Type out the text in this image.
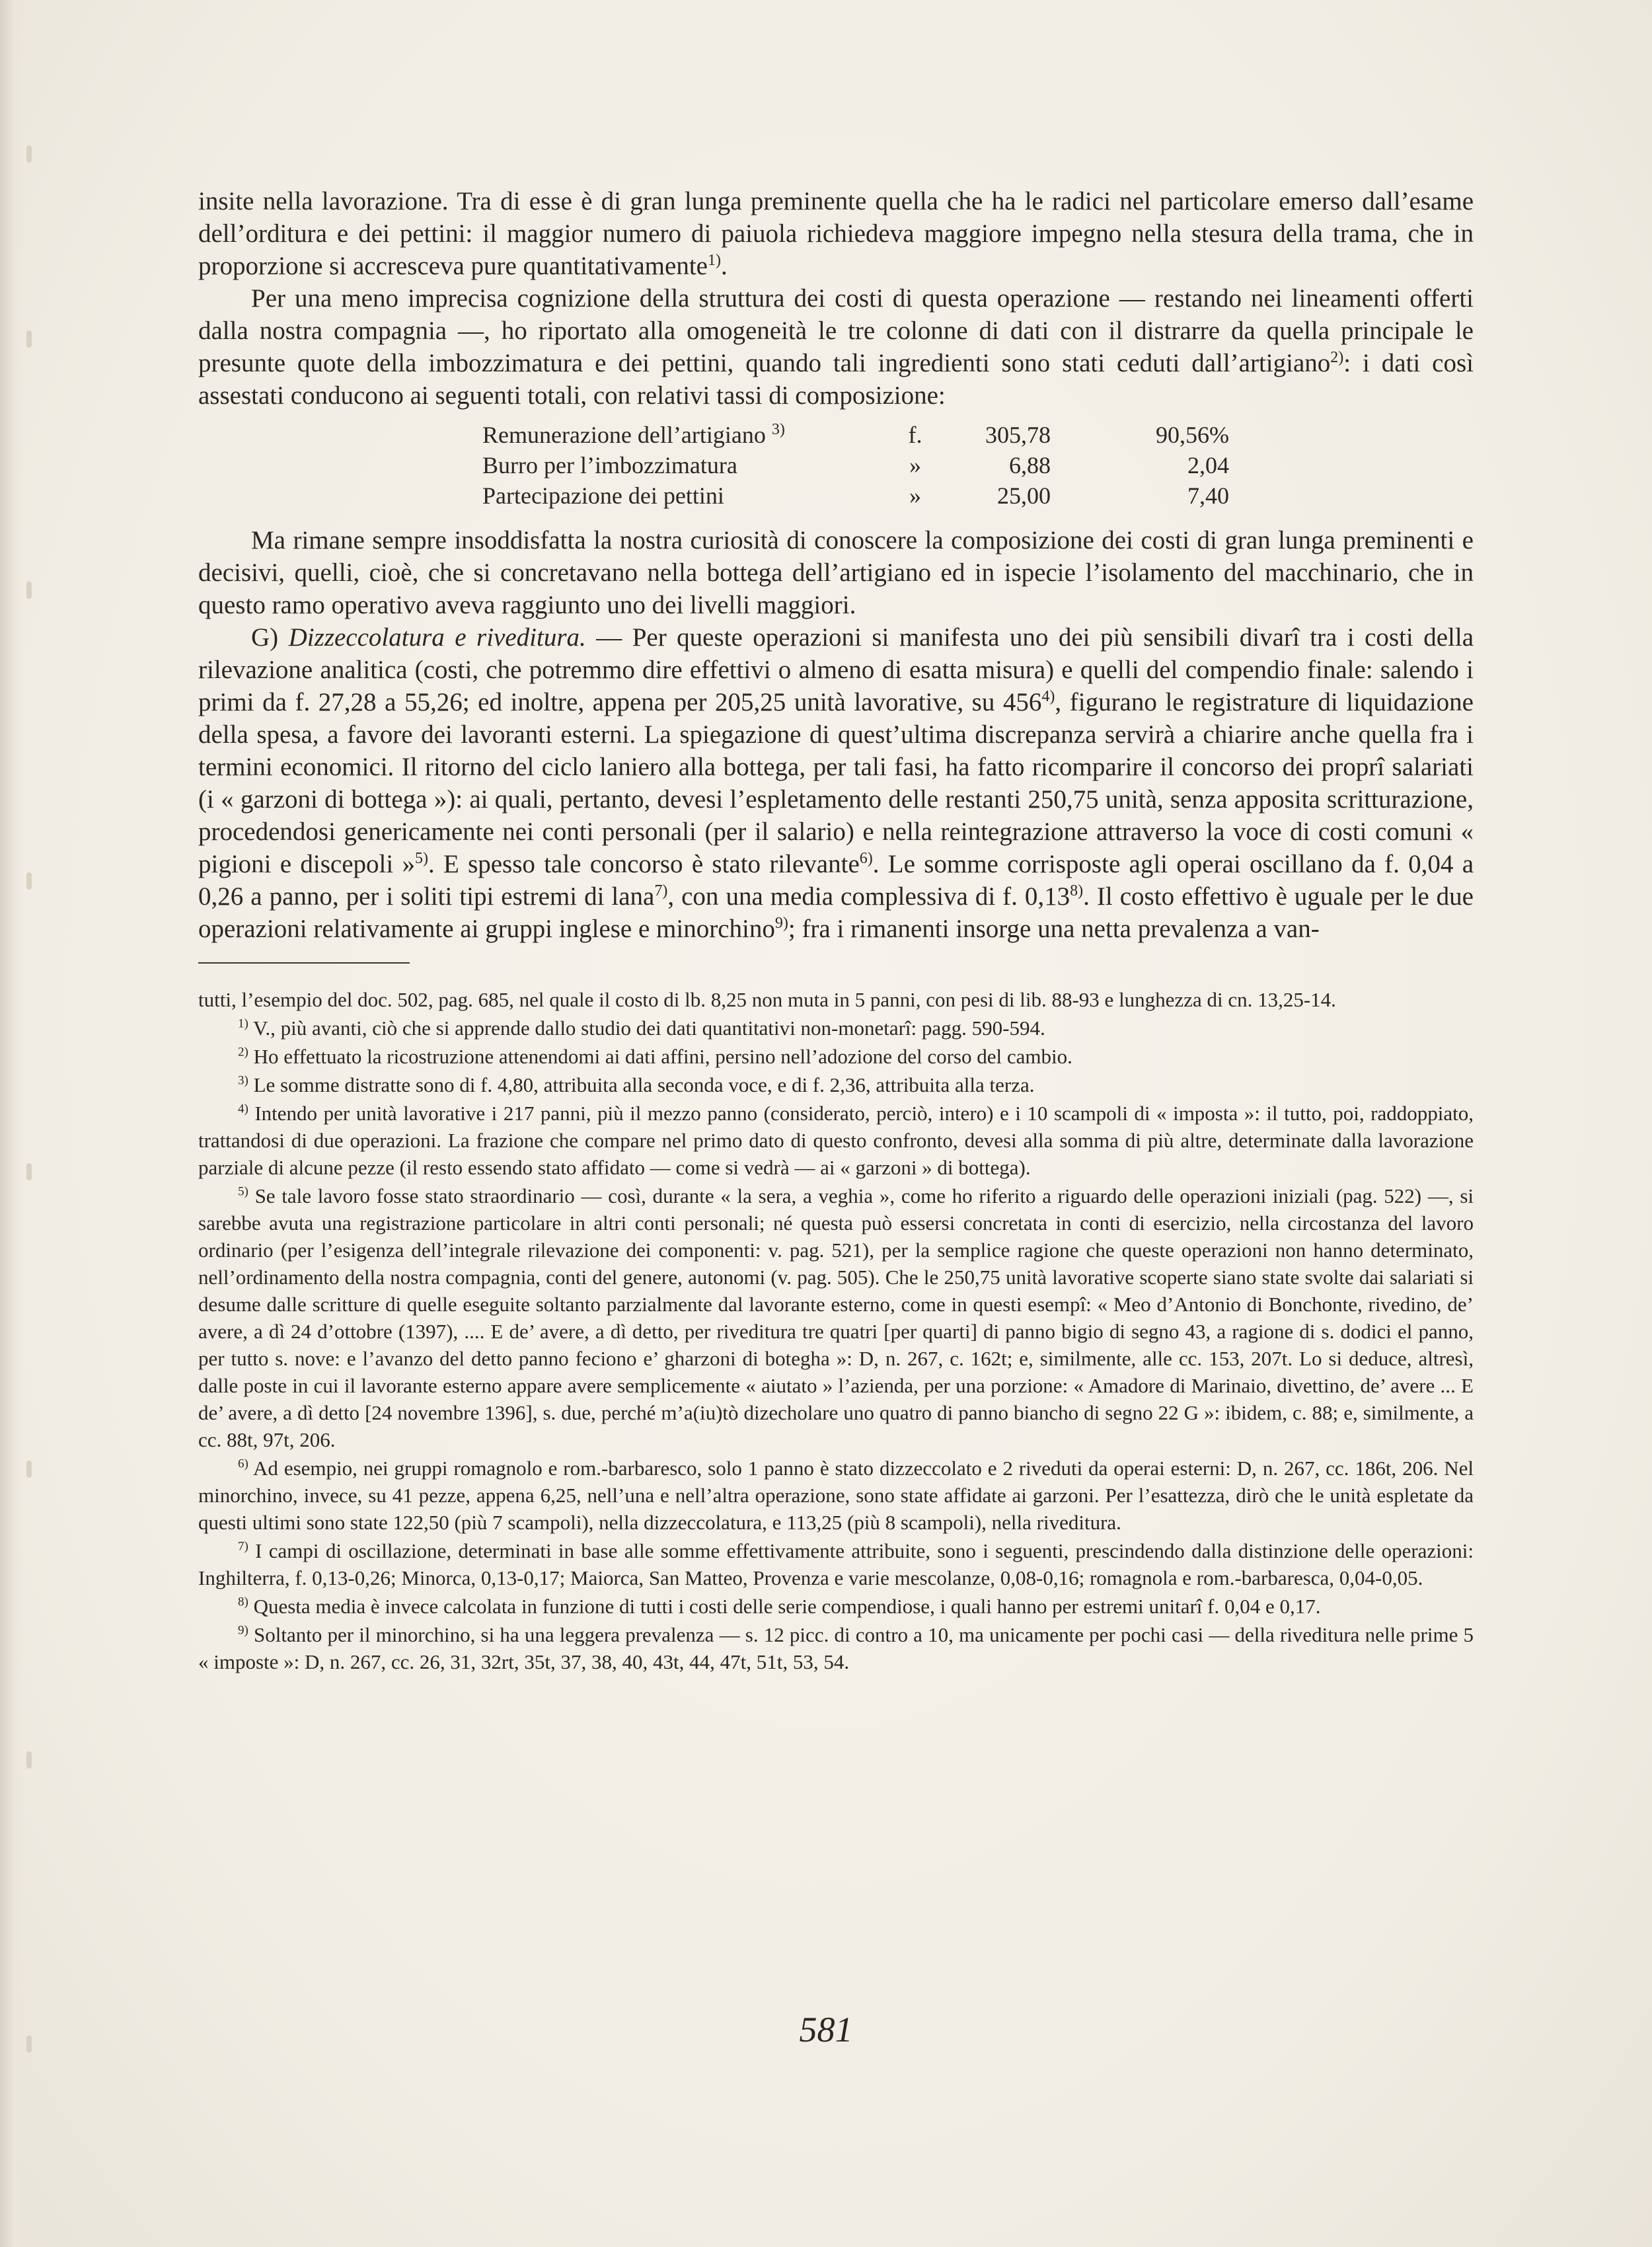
insite nella lavorazione. Tra di esse è di gran lunga preminente quella che ha le radici nel particolare emerso dall’esame dell’orditura e dei pettini: il maggior numero di paiuola richiedeva maggiore impegno nella stesura della trama, che in proporzione si accresceva pure quantitativamente$^{1)}$.

Per una meno imprecisa cognizione della struttura dei costi di questa operazione — restando nei lineamenti offerti dalla nostra compagnia —, ho riportato alla omogeneità le tre colonne di dati con il distrarre da quella principale le presunte quote della imbozzimatura e dei pettini, quando tali ingredienti sono stati ceduti dall’artigiano$^{2)}$: i dati così assestati conducono ai seguenti totali, con relativi tassi di composizione:

Remunerazione dell’artigiano $^{3)}$	f.	305,78	90,56%
Burro per l’imbozzimatura	»	6,88	2,04
Partecipazione dei pettini	»	25,00	7,40

Ma rimane sempre insoddisfatta la nostra curiosità di conoscere la composizione dei costi di gran lunga preminenti e decisivi, quelli, cioè, che si concretavano nella bottega dell’artigiano ed in ispecie l’isolamento del macchinario, che in questo ramo operativo aveva raggiunto uno dei livelli maggiori.

G) Dizzeccolatura e riveditura. — Per queste operazioni si manifesta uno dei più sensibili divarî tra i costi della rilevazione analitica (costi, che potremmo dire effettivi o almeno di esatta misura) e quelli del compendio finale: salendo i primi da f. 27,28 a 55,26; ed inoltre, appena per 205,25 unità lavorative, su 456$^{4)}$, figurano le registrature di liquidazione della spesa, a favore dei lavoranti esterni. La spiegazione di quest’ultima discrepanza servirà a chiarire anche quella fra i termini economici. Il ritorno del ciclo laniero alla bottega, per tali fasi, ha fatto ricomparire il concorso dei proprî salariati (i « garzoni di bottega »): ai quali, pertanto, devesi l’espletamento delle restanti 250,75 unità, senza apposita scritturazione, procedendosi genericamente nei conti personali (per il salario) e nella reintegrazione attraverso la voce di costi comuni « pigioni e discepoli »$^{5)}$. E spesso tale concorso è stato rilevante$^{6)}$. Le somme corrisposte agli operai oscillano da f. 0,04 a 0,26 a panno, per i soliti tipi estremi di lana$^{7)}$, con una media complessiva di f. 0,13$^{8)}$. Il costo effettivo è uguale per le due operazioni relativamente ai gruppi inglese e minorchino$^{9)}$; fra i rimanenti insorge una netta prevalenza a van-

tutti, l’esempio del doc. 502, pag. 685, nel quale il costo di lb. 8,25 non muta in 5 panni, con pesi di lib. 88-93 e lunghezza di cn. 13,25-14.

$^{1)}$ V., più avanti, ciò che si apprende dallo studio dei dati quantitativi non-monetarî: pagg. 590-594.

$^{2)}$ Ho effettuato la ricostruzione attenendomi ai dati affini, persino nell’adozione del corso del cambio.

$^{3)}$ Le somme distratte sono di f. 4,80, attribuita alla seconda voce, e di f. 2,36, attribuita alla terza.

$^{4)}$ Intendo per unità lavorative i 217 panni, più il mezzo panno (considerato, perciò, intero) e i 10 scampoli di « imposta »: il tutto, poi, raddoppiato, trattandosi di due operazioni. La frazione che compare nel primo dato di questo confronto, devesi alla somma di più altre, determinate dalla lavorazione parziale di alcune pezze (il resto essendo stato affidato — come si vedrà — ai « garzoni » di bottega).

$^{5)}$ Se tale lavoro fosse stato straordinario — così, durante « la sera, a veghia », come ho riferito a riguardo delle operazioni iniziali (pag. 522) —, si sarebbe avuta una registrazione particolare in altri conti personali; né questa può essersi concretata in conti di esercizio, nella circostanza del lavoro ordinario (per l’esigenza dell’integrale rilevazione dei componenti: v. pag. 521), per la semplice ragione che queste operazioni non hanno determinato, nell’ordinamento della nostra compagnia, conti del genere, autonomi (v. pag. 505). Che le 250,75 unità lavorative scoperte siano state svolte dai salariati si desume dalle scritture di quelle eseguite soltanto parzialmente dal lavorante esterno, come in questi esempî: « Meo d’Antonio di Bonchonte, rivedino, de’ avere, a dì 24 d’ottobre (1397), .... E de’ avere, a dì detto, per riveditura tre quatri [per quarti] di panno bigio di segno 43, a ragione di s. dodici el panno, per tutto s. nove: e l’avanzo del detto panno feciono e’ gharzoni di botegha »: D, n. 267, c. 162t; e, similmente, alle cc. 153, 207t. Lo si deduce, altresì, dalle poste in cui il lavorante esterno appare avere semplicemente « aiutato » l’azienda, per una porzione: « Amadore di Marinaio, divettino, de’ avere ... E de’ avere, a dì detto [24 novembre 1396], s. due, perché m’a(iu)tò dizecholare uno quatro di panno biancho di segno 22 G »: ibidem, c. 88; e, similmente, a cc. 88t, 97t, 206.

$^{6)}$ Ad esempio, nei gruppi romagnolo e rom.-barbaresco, solo 1 panno è stato dizzeccolato e 2 riveduti da operai esterni: D, n. 267, cc. 186t, 206. Nel minorchino, invece, su 41 pezze, appena 6,25, nell’una e nell’altra operazione, sono state affidate ai garzoni. Per l’esattezza, dirò che le unità espletate da questi ultimi sono state 122,50 (più 7 scampoli), nella dizzeccolatura, e 113,25 (più 8 scampoli), nella riveditura.

$^{7)}$ I campi di oscillazione, determinati in base alle somme effettivamente attribuite, sono i seguenti, prescindendo dalla distinzione delle operazioni: Inghilterra, f. 0,13-0,26; Minorca, 0,13-0,17; Maiorca, San Matteo, Provenza e varie mescolanze, 0,08-0,16; romagnola e rom.-barbaresca, 0,04-0,05.

$^{8)}$ Questa media è invece calcolata in funzione di tutti i costi delle serie compendiose, i quali hanno per estremi unitarî f. 0,04 e 0,17.

$^{9)}$ Soltanto per il minorchino, si ha una leggera prevalenza — s. 12 picc. di contro a 10, ma unicamente per pochi casi — della riveditura nelle prime 5 « imposte »: D, n. 267, cc. 26, 31, 32rt, 35t, 37, 38, 40, 43t, 44, 47t, 51t, 53, 54.

581
